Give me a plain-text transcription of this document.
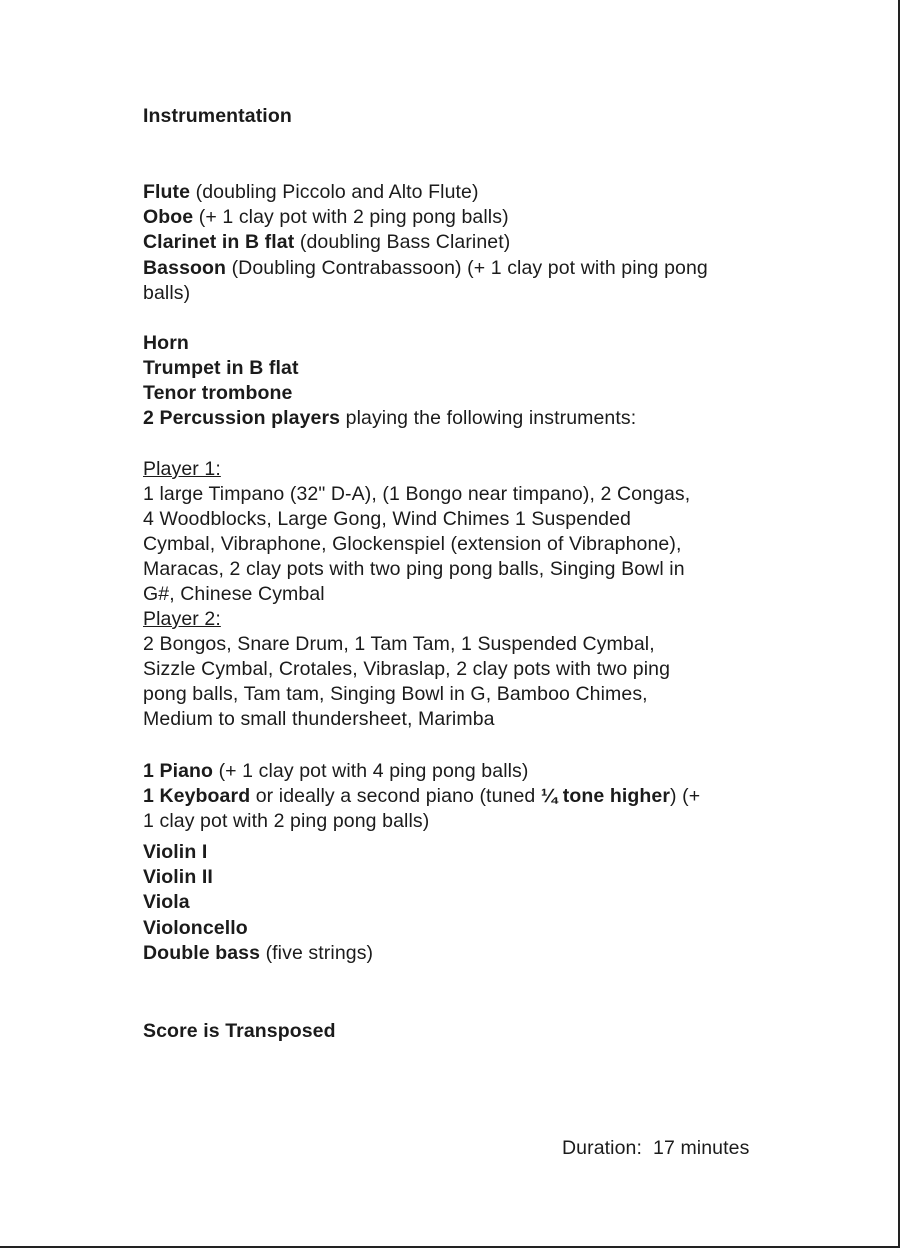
Instrumentation
Flute (doubling Piccolo and Alto Flute)
Oboe (+ 1 clay pot with 2 ping pong balls)
Clarinet in B flat (doubling Bass Clarinet)
Bassoon (Doubling Contrabassoon) (+ 1 clay pot with ping pong
balls)
Horn
Trumpet in B flat
Tenor trombone
2 Percussion players playing the following instruments:
Player 1:
1 large Timpano (32" D-A), (1 Bongo near timpano), 2 Congas,
4 Woodblocks, Large Gong, Wind Chimes 1 Suspended
Cymbal, Vibraphone, Glockenspiel (extension of Vibraphone),
Maracas, 2 clay pots with two ping pong balls, Singing Bowl in
G#, Chinese Cymbal
Player 2:
2 Bongos, Snare Drum, 1 Tam Tam, 1 Suspended Cymbal,
Sizzle Cymbal, Crotales, Vibraslap, 2 clay pots with two ping
pong balls, Tam tam, Singing Bowl in G, Bamboo Chimes,
Medium to small thundersheet, Marimba
1 Piano (+ 1 clay pot with 4 ping pong balls)
1 Keyboard or ideally a second piano (tuned ¼ tone higher) (+
1 clay pot with 2 ping pong balls)
Violin I
Violin II
Viola
Violoncello
Double bass (five strings)
Score is Transposed
Duration:  17 minutes
